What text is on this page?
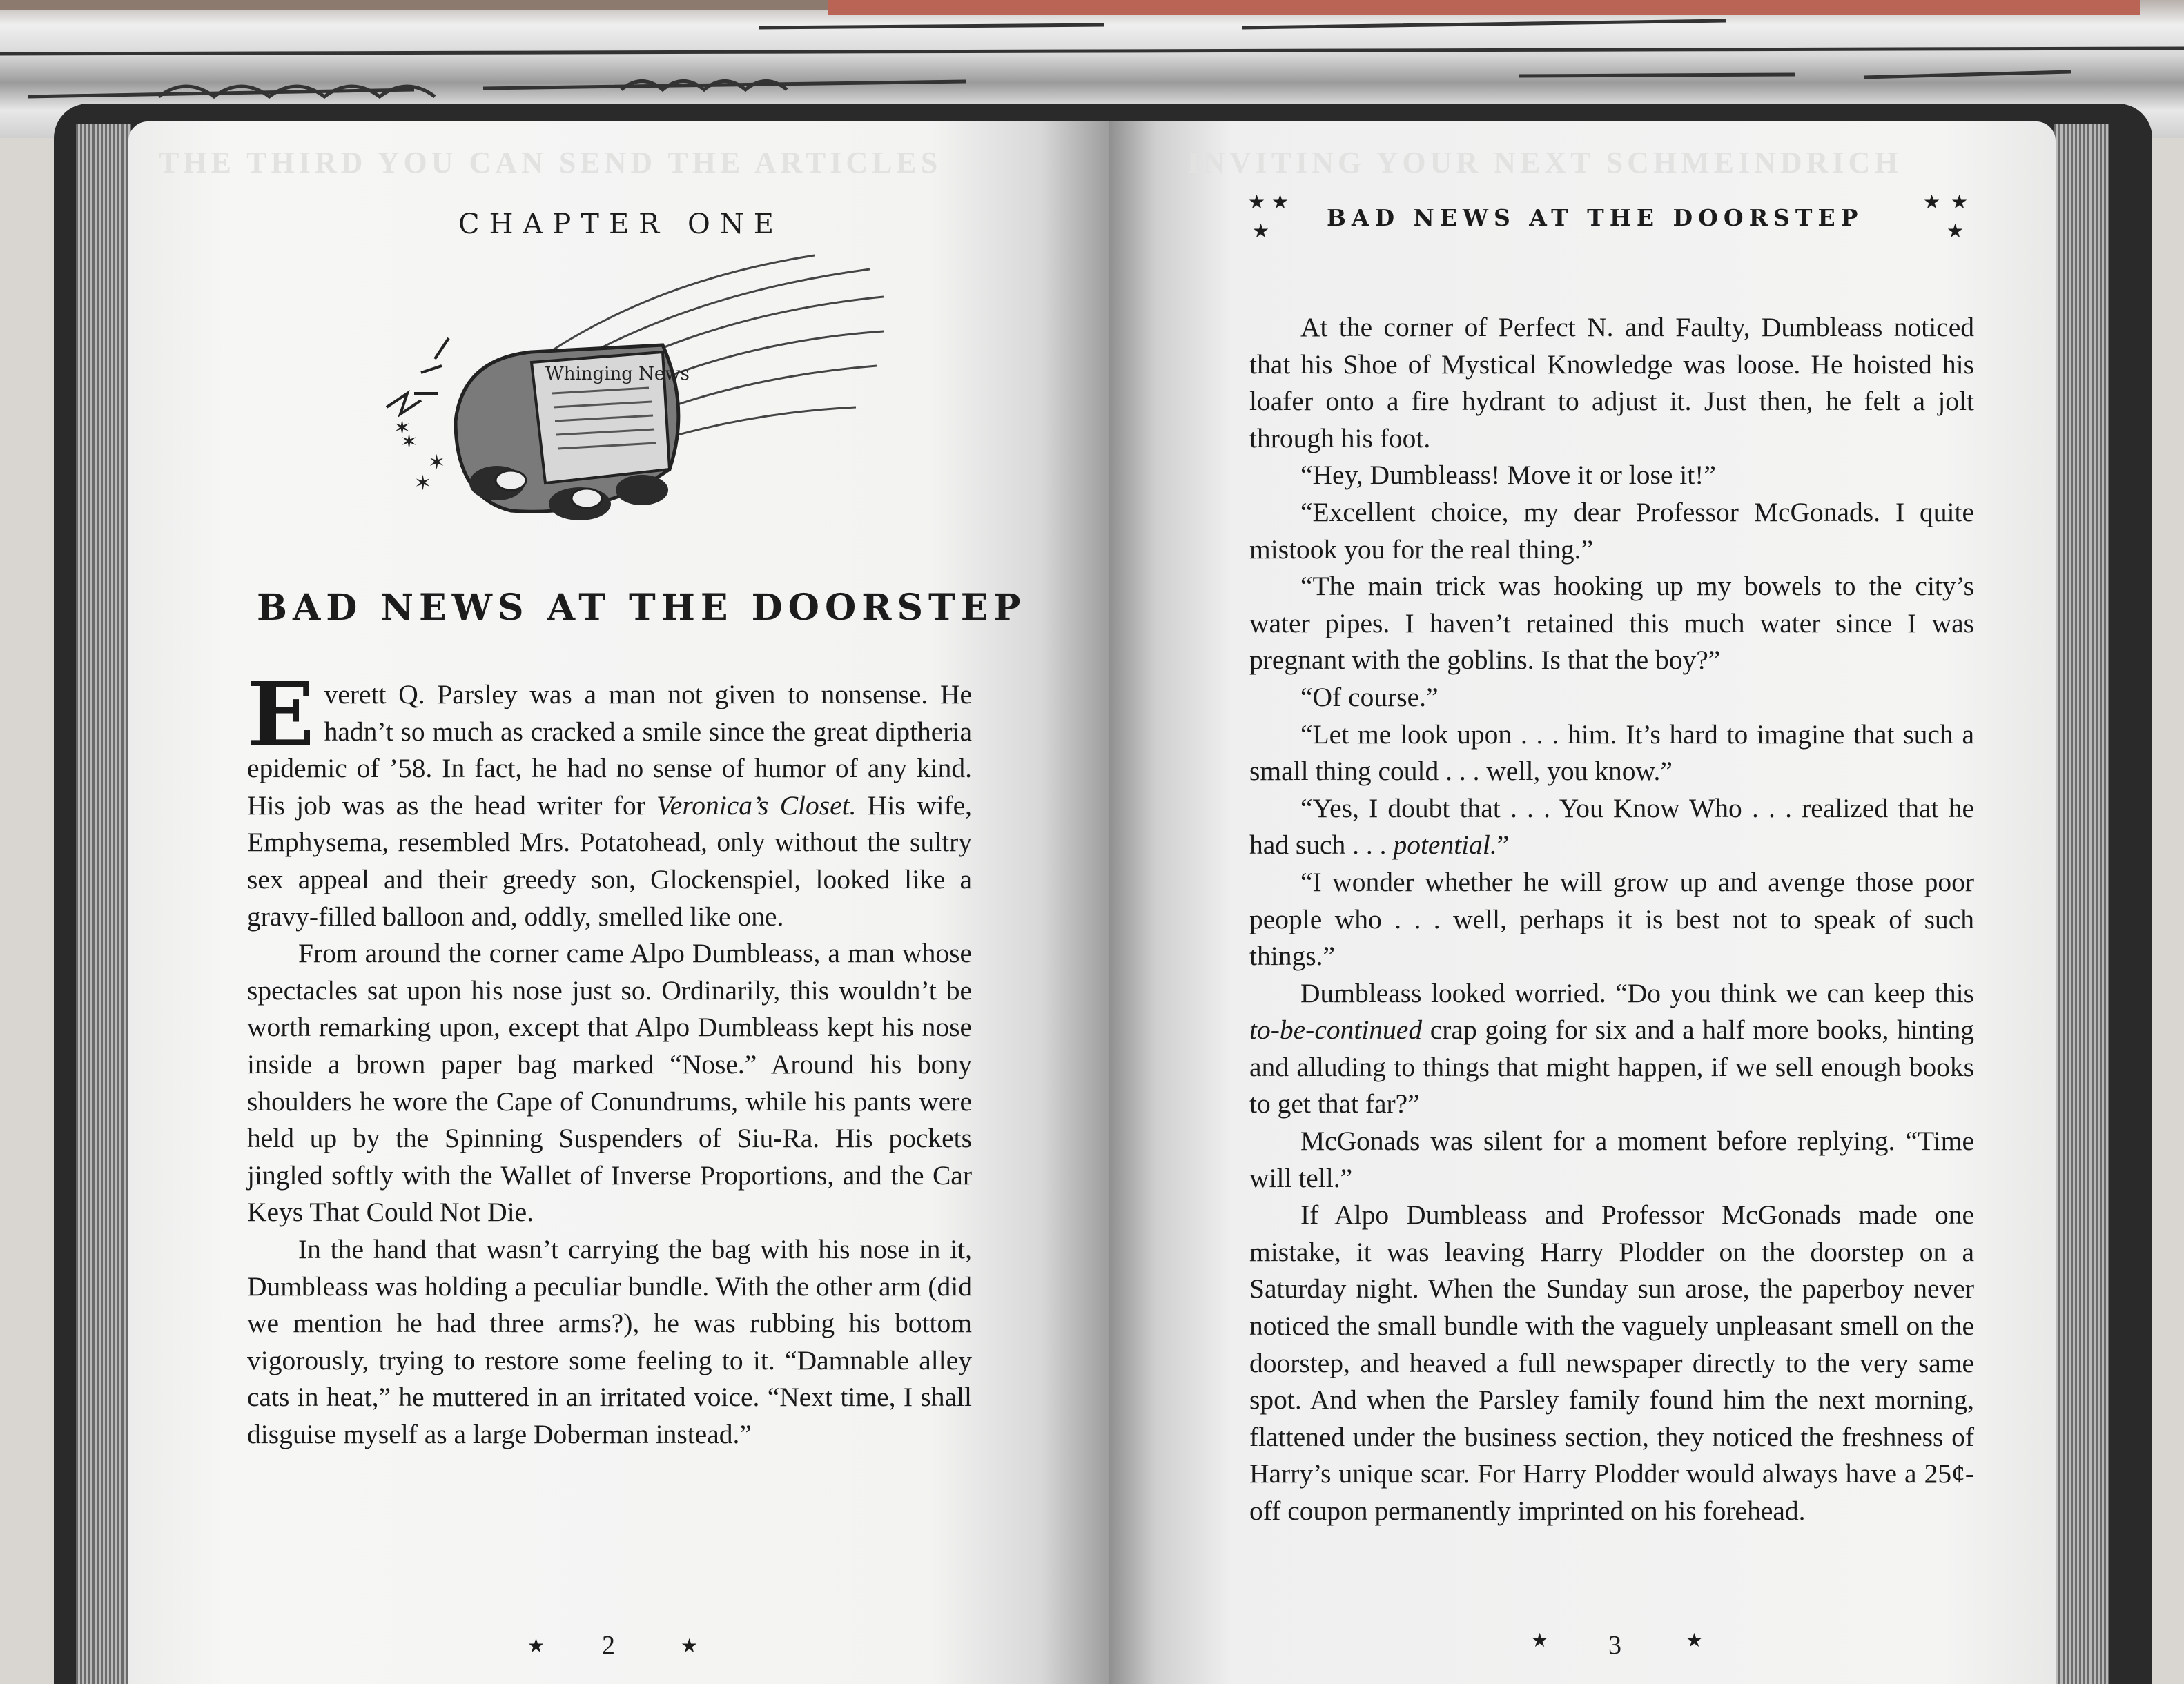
THE THIRD YOU CAN SEND THE ARTICLES
CHAPTER ONE
Whinging News
✶
✶
✶
✶
BAD NEWS AT THE DOORSTEP

Everett Q. Parsley was a man not given to nonsense. He hadn’t so much as cracked a smile since the great diptheria epidemic of ’58. In fact, he had no sense of humor of any kind. His job was as the head writer for Veronica’s Closet. His wife, Emphysema, resembled Mrs. Potatohead, only without the sultry sex appeal and their greedy son, Glockenspiel, looked like a gravy-filled balloon and, oddly, smelled like one.

From around the corner came Alpo Dumbleass, a man whose spectacles sat upon his nose just so. Ordinarily, this wouldn’t be worth remarking upon, except that Alpo Dumbleass kept his nose inside a brown paper bag marked “Nose.” Around his bony shoulders he wore the Cape of Conundrums, while his pants were held up by the Spinning Suspenders of Siu-Ra. His pockets jingled softly with the Wallet of Inverse Proportions, and the Car Keys That Could Not Die.

In the hand that wasn’t carrying the bag with his nose in it, Dumbleass was holding a peculiar bundle. With the other arm (did we mention he had three arms?), he was rubbing his bottom vigorously, trying to restore some feeling to it. “Damnable alley cats in heat,” he muttered in an irritated voice. “Next time, I shall disguise myself as a large Doberman instead.”

★ 2	★
INVITING YOUR NEXT SCHMEINDRICH
★ ★
★	BAD NEWS AT THE DOORSTEP
★ ★
★

At the corner of Perfect N. and Faulty, Dumbleass noticed that his Shoe of Mystical Knowledge was loose. He hoisted his loafer onto a fire hydrant to adjust it. Just then, he felt a jolt through his foot.

“Hey, Dumbleass! Move it or lose it!”

“Excellent choice, my dear Professor McGonads. I quite mistook you for the real thing.”

“The main trick was hooking up my bowels to the city’s water pipes. I haven’t retained this much water since I was pregnant with the goblins. Is that the boy?”

“Of course.”

“Let me look upon . . . him. It’s hard to imagine that such a small thing could . . . well, you know.”

“Yes, I doubt that . . . You Know Who . . . realized that he had such . . . potential.”

“I wonder whether he will grow up and avenge those poor people who . . . well, perhaps it is best not to speak of such things.”

Dumbleass looked worried. “Do you think we can keep this to-be-continued crap going for six and a half more books, hinting and alluding to things that might happen, if we sell enough books to get that far?”

McGonads was silent for a moment before replying. “Time will tell.”

If Alpo Dumbleass and Professor McGonads made one mistake, it was leaving Harry Plodder on the doorstep on a Saturday night. When the Sunday sun arose, the paperboy never noticed the small bundle with the vaguely unpleasant smell on the doorstep, and heaved a full newspaper directly to the very same spot. And when the Parsley family found him the next morning, flattened under the business section, they noticed the freshness of Harry’s unique scar. For Harry Plodder would always have a 25¢-off coupon permanently imprinted on his forehead.

★ 3	★
